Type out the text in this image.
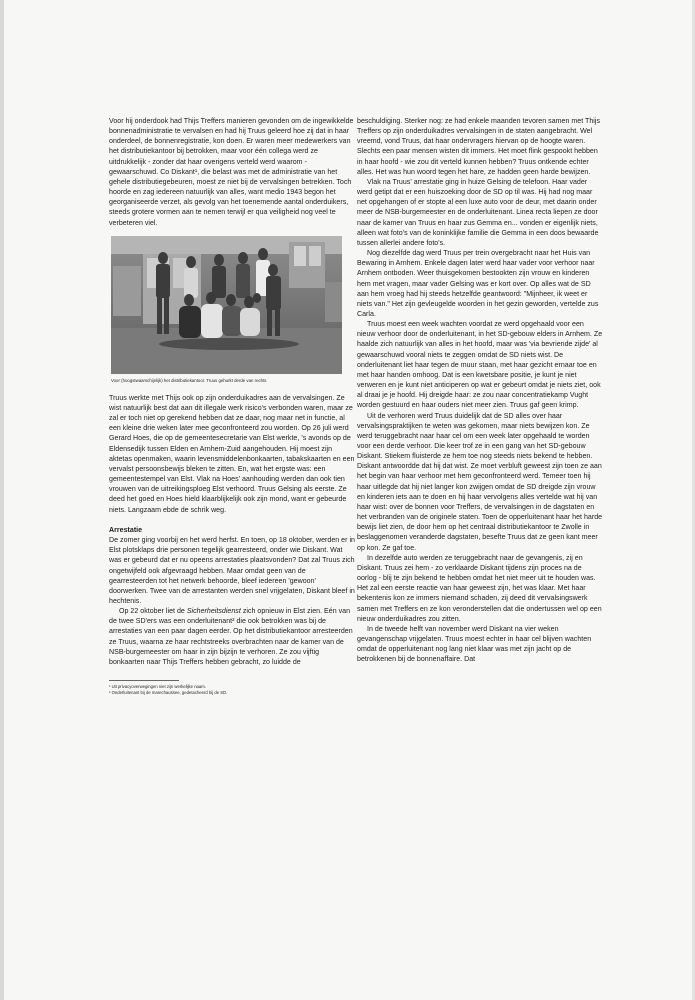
Voor hij onderdook had Thijs Treffers manieren gevonden om de ingewikkelde bonnenadministratie te vervalsen en had hij Truus geleerd hoe zij dat in haar onderdeel, de bonnenregistratie, kon doen. Er waren meer medewerkers van het distributiekantoor bij betrokken, maar voor één collega werd ze uitdrukkelijk - zonder dat haar overigens verteld werd waarom - gewaarschuwd. Co Diskant¹, die belast was met de administratie van het gehele distributiegebeuren, moest ze niet bij de vervalsingen betrekken. Toch hoorde en zag iedereen natuurlijk van alles, want medio 1943 begon het georganiseerde verzet, als gevolg van het toenemende aantal onderduikers, steeds grotere vormen aan te nemen terwijl er qua veiligheid nog veel te verbeteren viel.

Voor (hoogstwaarschijnlijk) het distributiekantoor. Truus gehurkt derde van rechts

Truus werkte met Thijs ook op zijn onderduikadres aan de vervalsingen. Ze wist natuurlijk best dat aan dit illegale werk risico's verbonden waren, maar ze zal er toch niet op gerekend hebben dat ze daar, nog maar net in functie, al een kleine drie weken later mee geconfronteerd zou worden. Op 26 juli werd Gerard Hoes, die op de gemeentesecretarie van Elst werkte, 's avonds op de Eldensedijk tussen Elden en Arnhem-Zuid aangehouden. Hij moest zijn aktetas openmaken, waarin levensmiddelenbonkaarten, tabakskaarten en een vervalst persoonsbewijs bleken te zitten. En, wat het ergste was: een gemeentestempel van Elst. Vlak na Hoes' aanhouding werden dan ook tien vrouwen van de uitreikingsploeg Elst verhoord. Truus Gelsing als eerste. Ze deed het goed en Hoes hield klaarblijkelijk ook zijn mond, want er gebeurde niets. Langzaam ebde de schrik weg.

Arrestatie

De zomer ging voorbij en het werd herfst. En toen, op 18 oktober, werden er in Elst plotsklaps drie personen tegelijk gearresteerd, onder wie Diskant. Wat was er gebeurd dat er nu opeens arrestaties plaatsvonden? Dat zal Truus zich ongetwijfeld ook afgevraagd hebben. Maar omdat geen van de gearresteerden tot het netwerk behoorde, bleef iedereen 'gewoon' doorwerken. Twee van de arrestanten werden snel vrijgelaten, Diskant bleef in hechtenis.

Op 22 oktober liet de Sicherheitsdienst zich opnieuw in Elst zien. Eén van de twee SD'ers was een onderluitenant² die ook betrokken was bij de arrestaties van een paar dagen eerder. Op het distributiekantoor arresteerden ze Truus, waarna ze haar rechtstreeks overbrachten naar de kamer van de NSB-burgemeester om haar in zijn bijzijn te verhoren. Ze zou vijftig bonkaarten naar Thijs Treffers hebben gebracht, zo luidde de

¹ Uit privacyoverwegingen niet zijn werkelijke naam.
² Onderluitenant bij de marechaussee, gedetacheerd bij de SD.

beschuldiging. Sterker nog: ze had enkele maanden tevoren samen met Thijs Treffers op zijn onderduikadres vervalsingen in de staten aangebracht. Wel vreemd, vond Truus, dat haar ondervragers hiervan op de hoogte waren. Slechts een paar mensen wisten dit immers. Het moet flink gespookt hebben in haar hoofd - wie zou dit verteld kunnen hebben? Truus ontkende echter alles. Het was hun woord tegen het hare, ze hadden geen harde bewijzen.

Vlak na Truus' arrestatie ging in huize Gelsing de telefoon. Haar vader werd getipt dat er een huiszoeking door de SD op til was. Hij had nog maar net opgehangen of er stopte al een luxe auto voor de deur, met daarin onder meer de NSB-burgemeester en de onderluitenant. Linea recta liepen ze door naar de kamer van Truus en haar zus Gemma en... vonden er eigenlijk niets, alleen wat foto's van de koninklijke familie die Gemma in een doos bewaarde tussen allerlei andere foto's.

Nog diezelfde dag werd Truus per trein overgebracht naar het Huis van Bewaring in Arnhem. Enkele dagen later werd haar vader voor verhoor naar Arnhem ontboden. Weer thuisgekomen bestookten zijn vrouw en kinderen hem met vragen, maar vader Gelsing was er kort over. Op alles wat de SD aan hem vroeg had hij steeds hetzelfde geantwoord: "Mijnheer, ik weet er niets van." Het zijn gevleugelde woorden in het gezin geworden, vertelde zus Carla.

Truus moest een week wachten voordat ze werd opgehaald voor een nieuw verhoor door de onderluitenant, in het SD-gebouw elders in Arnhem. Ze haalde zich natuurlijk van alles in het hoofd, maar was 'via bevriende zijde' al gewaarschuwd vooral niets te zeggen omdat de SD niets wist. De onderluitenant liet haar tegen de muur staan, met haar gezicht ernaar toe en met haar handen omhoog. Dat is een kwetsbare positie, je kunt je niet verweren en je kunt niet anticiperen op wat er gebeurt omdat je niets ziet, ook al draai je je hoofd. Hij dreigde haar: ze zou naar concentratiekamp Vught worden gestuurd en haar ouders niet meer zien. Truus gaf geen krimp.

Uit de verhoren werd Truus duidelijk dat de SD alles over haar vervalsingspraktijken te weten was gekomen, maar niets bewijzen kon. Ze werd teruggebracht naar haar cel om een week later opgehaald te worden voor een derde verhoor. Die keer trof ze in een gang van het SD-gebouw Diskant. Stiekem fluisterde ze hem toe nog steeds niets bekend te hebben. Diskant antwoordde dat hij dat wist. Ze moet verbluft geweest zijn toen ze aan het begin van haar verhoor met hem geconfronteerd werd. Temeer toen hij haar uitlegde dat hij niet langer kon zwijgen omdat de SD dreigde zijn vrouw en kinderen iets aan te doen en hij haar vervolgens alles vertelde wat hij van haar wist: over de bonnen voor Treffers, de vervalsingen in de dagstaten en het verbranden van de originele staten. Toen de opperluitenant haar het harde bewijs liet zien, de door hem op het centraal distributiekantoor te Zwolle in beslaggenomen veranderde dagstaten, besefte Truus dat ze geen kant meer op kon. Ze gaf toe.

In dezelfde auto werden ze teruggebracht naar de gevangenis, zij en Diskant. Truus zei hem - zo verklaarde Diskant tijdens zijn proces na de oorlog - blij te zijn bekend te hebben omdat het niet meer uit te houden was. Het zal een eerste reactie van haar geweest zijn, het was klaar. Met haar bekentenis kon ze immers niemand schaden, zij deed dit vervalsingswerk samen met Treffers en ze kon veronderstellen dat die ondertussen wel op een nieuw onderduikadres zou zitten.

In de tweede helft van november werd Diskant na vier weken gevangenschap vrijgelaten. Truus moest echter in haar cel blijven wachten omdat de opperluitenant nog lang niet klaar was met zijn jacht op de betrokkenen bij de bonnenaffaire. Dat
